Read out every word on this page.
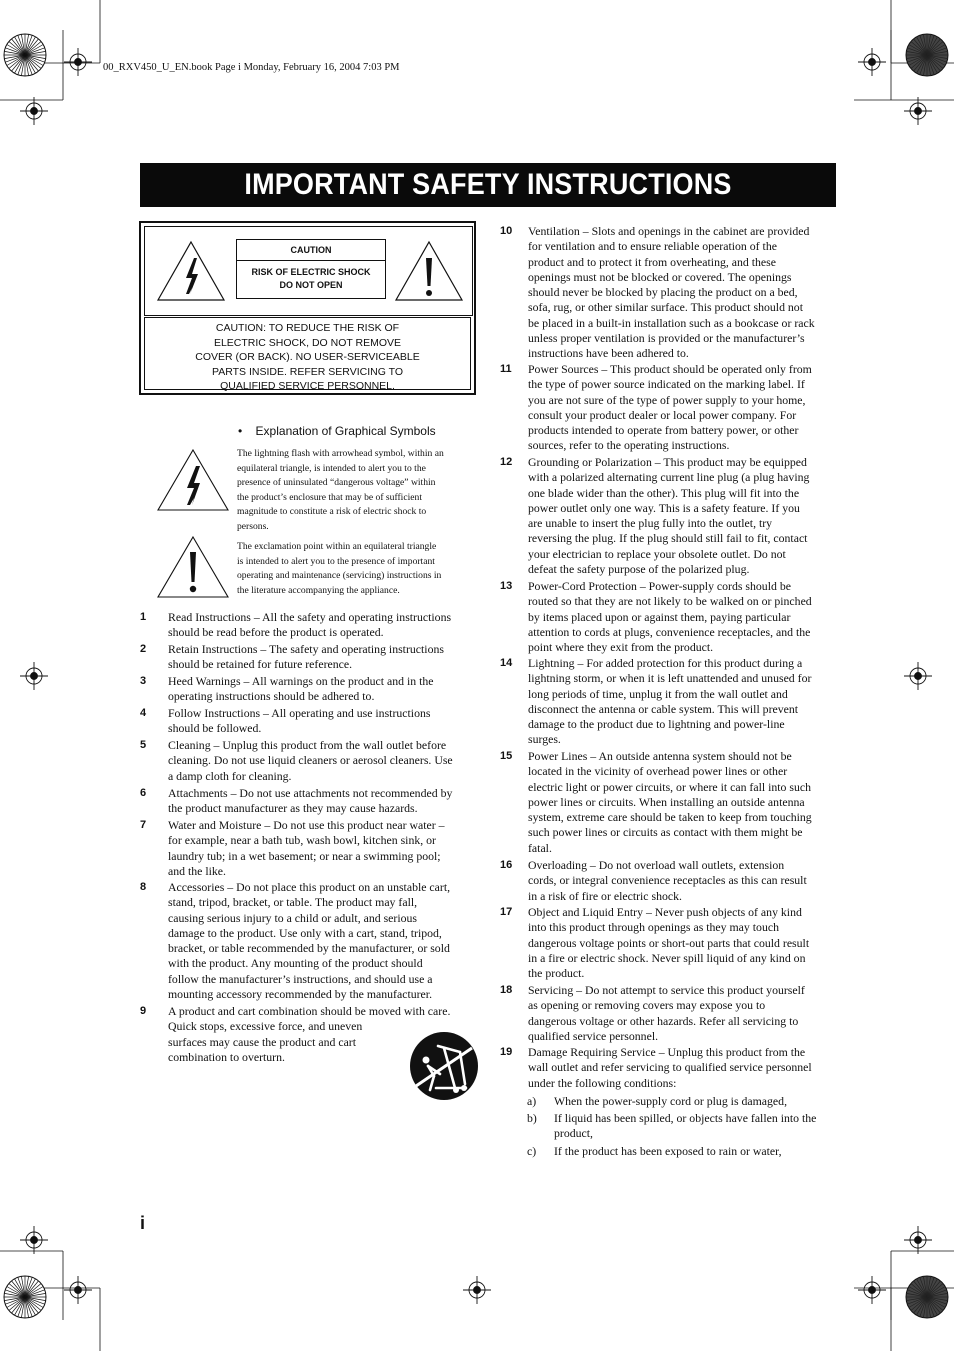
00_RXV450_U_EN.book Page i Monday, February 16, 2004 7:03 PM
IMPORTANT SAFETY INSTRUCTIONS
CAUTION
RISK OF ELECTRIC SHOCK
DO NOT OPEN
CAUTION: TO REDUCE THE RISK OF
ELECTRIC SHOCK, DO NOT REMOVE
COVER (OR BACK). NO USER-SERVICEABLE
PARTS INSIDE. REFER SERVICING TO
QUALIFIED SERVICE PERSONNEL.
• Explanation of Graphical Symbols
The lightning flash with arrowhead symbol, within an
equilateral triangle, is intended to alert you to the
presence of uninsulated “dangerous voltage” within
the product’s enclosure that may be of sufficient
magnitude to constitute a risk of electric shock to
persons.
The exclamation point within an equilateral triangle
is intended to alert you to the presence of important
operating and maintenance (servicing) instructions in
the literature accompanying the appliance.
1 Read Instructions – All the safety and operating instructions
should be read before the product is operated.
2 Retain Instructions – The safety and operating instructions
should be retained for future reference.
3 Heed Warnings – All warnings on the product and in the
operating instructions should be adhered to.
4 Follow Instructions – All operating and use instructions
should be followed.
5 Cleaning – Unplug this product from the wall outlet before
cleaning. Do not use liquid cleaners or aerosol cleaners. Use
a damp cloth for cleaning.
6 Attachments – Do not use attachments not recommended by
the product manufacturer as they may cause hazards.
7 Water and Moisture – Do not use this product near water –
for example, near a bath tub, wash bowl, kitchen sink, or
laundry tub; in a wet basement; or near a swimming pool;
and the like.
8 Accessories – Do not place this product on an unstable cart,
stand, tripod, bracket, or table. The product may fall,
causing serious injury to a child or adult, and serious
damage to the product. Use only with a cart, stand, tripod,
bracket, or table recommended by the manufacturer, or sold
with the product. Any mounting of the product should
follow the manufacturer’s instructions, and should use a
mounting accessory recommended by the manufacturer.
9 A product and cart combination should be moved with care.
Quick stops, excessive force, and uneven
surfaces may cause the product and cart
combination to overturn.
10 Ventilation – Slots and openings in the cabinet are provided
for ventilation and to ensure reliable operation of the
product and to protect it from overheating, and these
openings must not be blocked or covered. The openings
should never be blocked by placing the product on a bed,
sofa, rug, or other similar surface. This product should not
be placed in a built-in installation such as a bookcase or rack
unless proper ventilation is provided or the manufacturer’s
instructions have been adhered to.
11 Power Sources – This product should be operated only from
the type of power source indicated on the marking label. If
you are not sure of the type of power supply to your home,
consult your product dealer or local power company. For
products intended to operate from battery power, or other
sources, refer to the operating instructions.
12 Grounding or Polarization – This product may be equipped
with a polarized alternating current line plug (a plug having
one blade wider than the other). This plug will fit into the
power outlet only one way. This is a safety feature. If you
are unable to insert the plug fully into the outlet, try
reversing the plug. If the plug should still fail to fit, contact
your electrician to replace your obsolete outlet. Do not
defeat the safety purpose of the polarized plug.
13 Power-Cord Protection – Power-supply cords should be
routed so that they are not likely to be walked on or pinched
by items placed upon or against them, paying particular
attention to cords at plugs, convenience receptacles, and the
point where they exit from the product.
14 Lightning – For added protection for this product during a
lightning storm, or when it is left unattended and unused for
long periods of time, unplug it from the wall outlet and
disconnect the antenna or cable system. This will prevent
damage to the product due to lightning and power-line
surges.
15 Power Lines – An outside antenna system should not be
located in the vicinity of overhead power lines or other
electric light or power circuits, or where it can fall into such
power lines or circuits. When installing an outside antenna
system, extreme care should be taken to keep from touching
such power lines or circuits as contact with them might be
fatal.
16 Overloading – Do not overload wall outlets, extension
cords, or integral convenience receptacles as this can result
in a risk of fire or electric shock.
17 Object and Liquid Entry – Never push objects of any kind
into this product through openings as they may touch
dangerous voltage points or short-out parts that could result
in a fire or electric shock. Never spill liquid of any kind on
the product.
18 Servicing – Do not attempt to service this product yourself
as opening or removing covers may expose you to
dangerous voltage or other hazards. Refer all servicing to
qualified service personnel.
19 Damage Requiring Service – Unplug this product from the
wall outlet and refer servicing to qualified service personnel
under the following conditions:
a) When the power-supply cord or plug is damaged,
b) If liquid has been spilled, or objects have fallen into the
product,
c) If the product has been exposed to rain or water,
i
